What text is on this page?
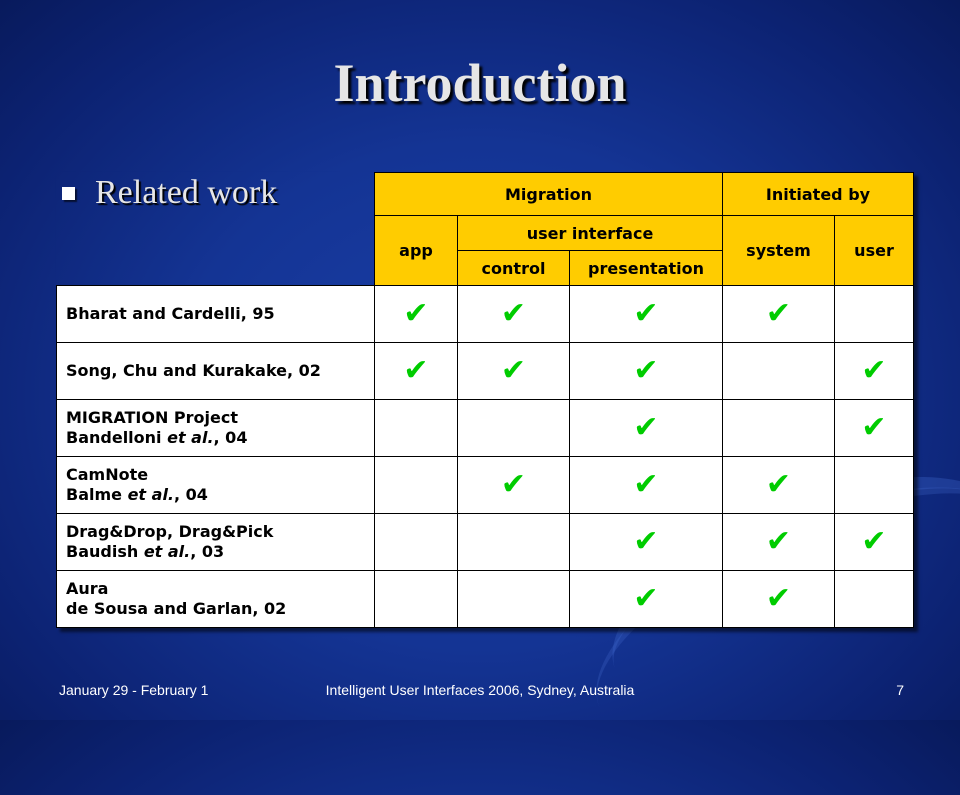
Introduction
	Migration			Initiated by	
	app	user interface		system	user
		control	presentation		

Bharat and Cardelli, 95	✔	✔	✔	✔	

Song, Chu and Kurakake, 02	✔	✔	✔		✔

MIGRATION Project
Bandelloni et al., 04			✔		✔

CamNote
Balme et al., 04		✔	✔	✔	

Drag&Drop, Drag&Pick
Baudish et al., 03			✔	✔	✔

Aura
de Sousa and Garlan, 02			✔	✔	
Related work
January 29 - February 1	Intelligent User Interfaces 2006, Sydney, Australia	7
